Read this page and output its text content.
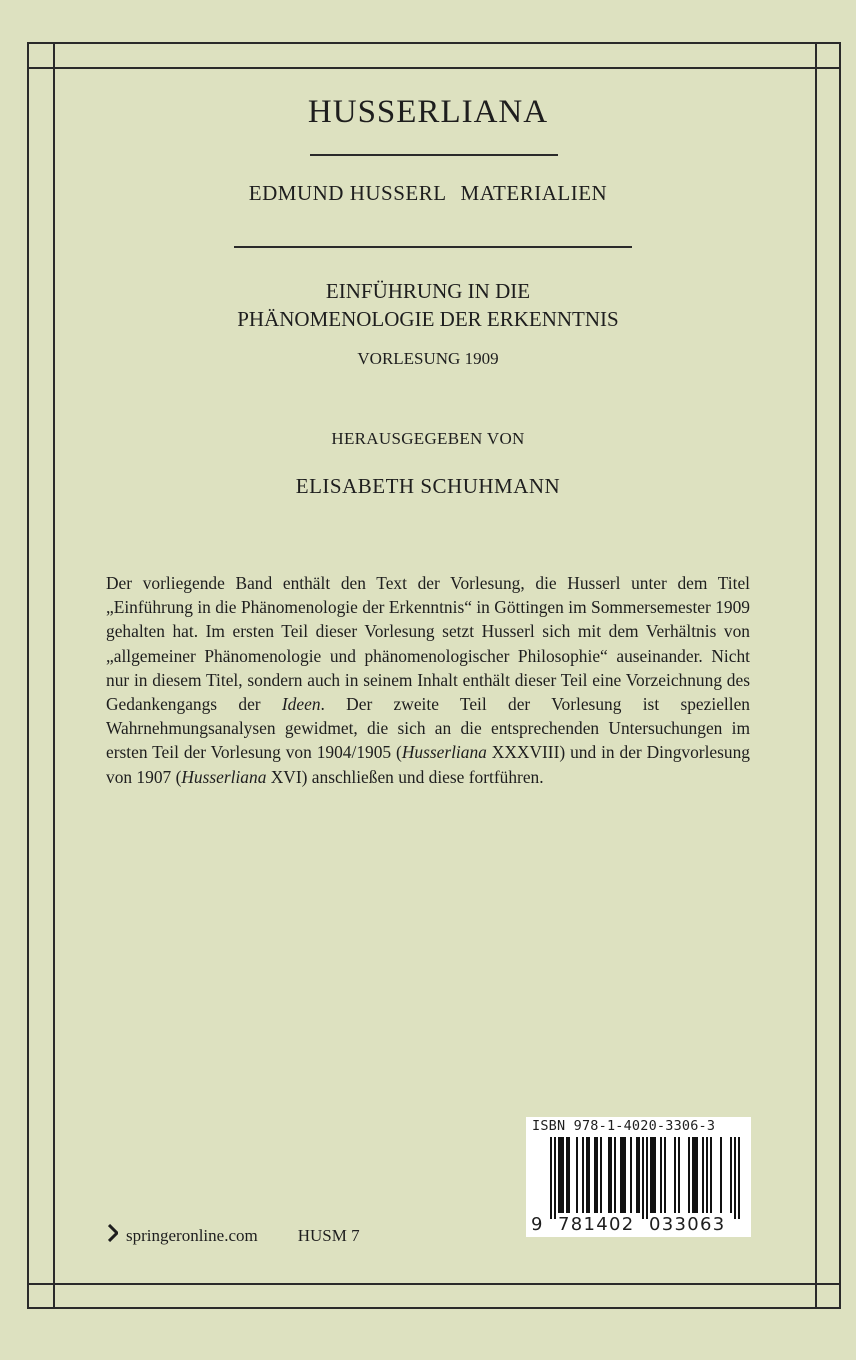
HUSSERLIANA
EDMUND HUSSERL MATERIALIEN
EINFÜHRUNG IN DIE
PHÄNOMENOLOGIE DER ERKENNTNIS
VORLESUNG 1909
HERAUSGEGEBEN VON
ELISABETH SCHUHMANN

Der vorliegende Band enthält den Text der Vorlesung, die Husserl unter dem Titel „Einführung in die Phänomenologie der Erkenntnis“ in Göttingen im Sommersemester 1909 gehalten hat. Im ersten Teil dieser Vorlesung setzt Husserl sich mit dem Verhältnis von „allgemeiner Phänomenologie und phänomenologischer Philosophie“ auseinander. Nicht nur in diesem Titel, sondern auch in seinem Inhalt enthält dieser Teil eine Vorzeichnung des Gedankengangs der Ideen. Der zweite Teil der Vorlesung ist speziellen Wahrnehmungsanalysen gewidmet, die sich an die entsprechenden Untersuchungen im ersten Teil der Vorlesung von 1904/1905 (Husserliana XXXVIII) und in der Dingvorlesung von 1907 (Husserliana XVI) anschließen und diese fortführen.

springeronline.com HUSM 7
ISBN 978-1-4020-3306-3
9 781402 033063
